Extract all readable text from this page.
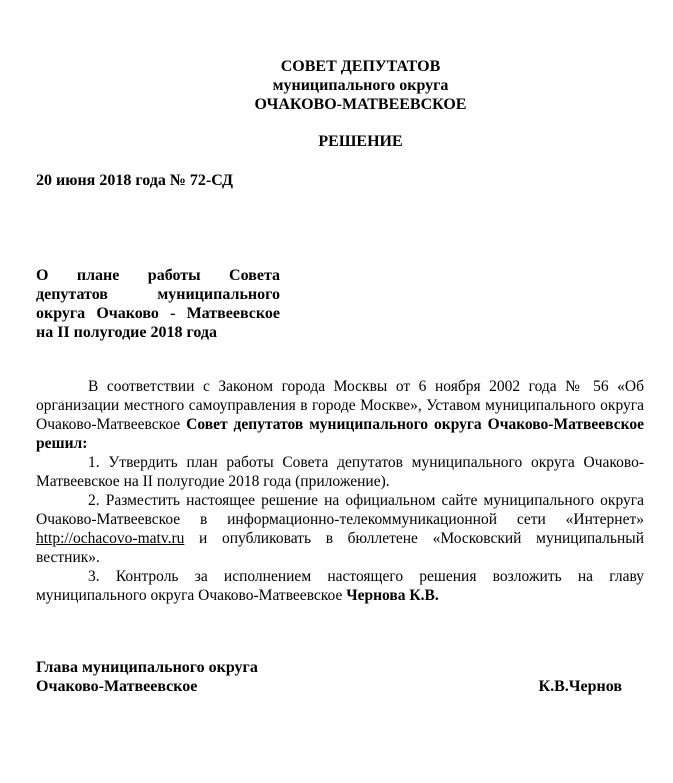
СОВЕТ ДЕПУТАТОВ
муниципального округа
ОЧАКОВО-МАТВЕЕВСКОЕ
РЕШЕНИЕ
20 июня 2018 года № 72-СД
О плане работы Совета
депутатов муниципального
округа Очаково - Матвеевское
на II полугодие 2018 года

В соответствии с Законом города Москвы от 6 ноября 2002 года № 56 «Об организации местного самоуправления в городе Москве», Уставом муниципального округа Очаково-Матвеевское Совет депутатов муниципального округа Очаково-Матвеевское решил:

1. Утвердить план работы Совета депутатов муниципального округа Очаково-Матвеевское на II полугодие 2018 года (приложение).

2. Разместить настоящее решение на официальном сайте муниципального округа Очаково-Матвеевское в информационно-телекоммуникационной сети «Интернет» http://ochacovo-matv.ru и опубликовать в бюллетене «Московский муниципальный вестник».

3. Контроль за исполнением настоящего решения возложить на главу муниципального округа Очаково-Матвеевское Чернова К.В.

Глава муниципального округа
Очаково-Матвеевское	К.В.Чернов
